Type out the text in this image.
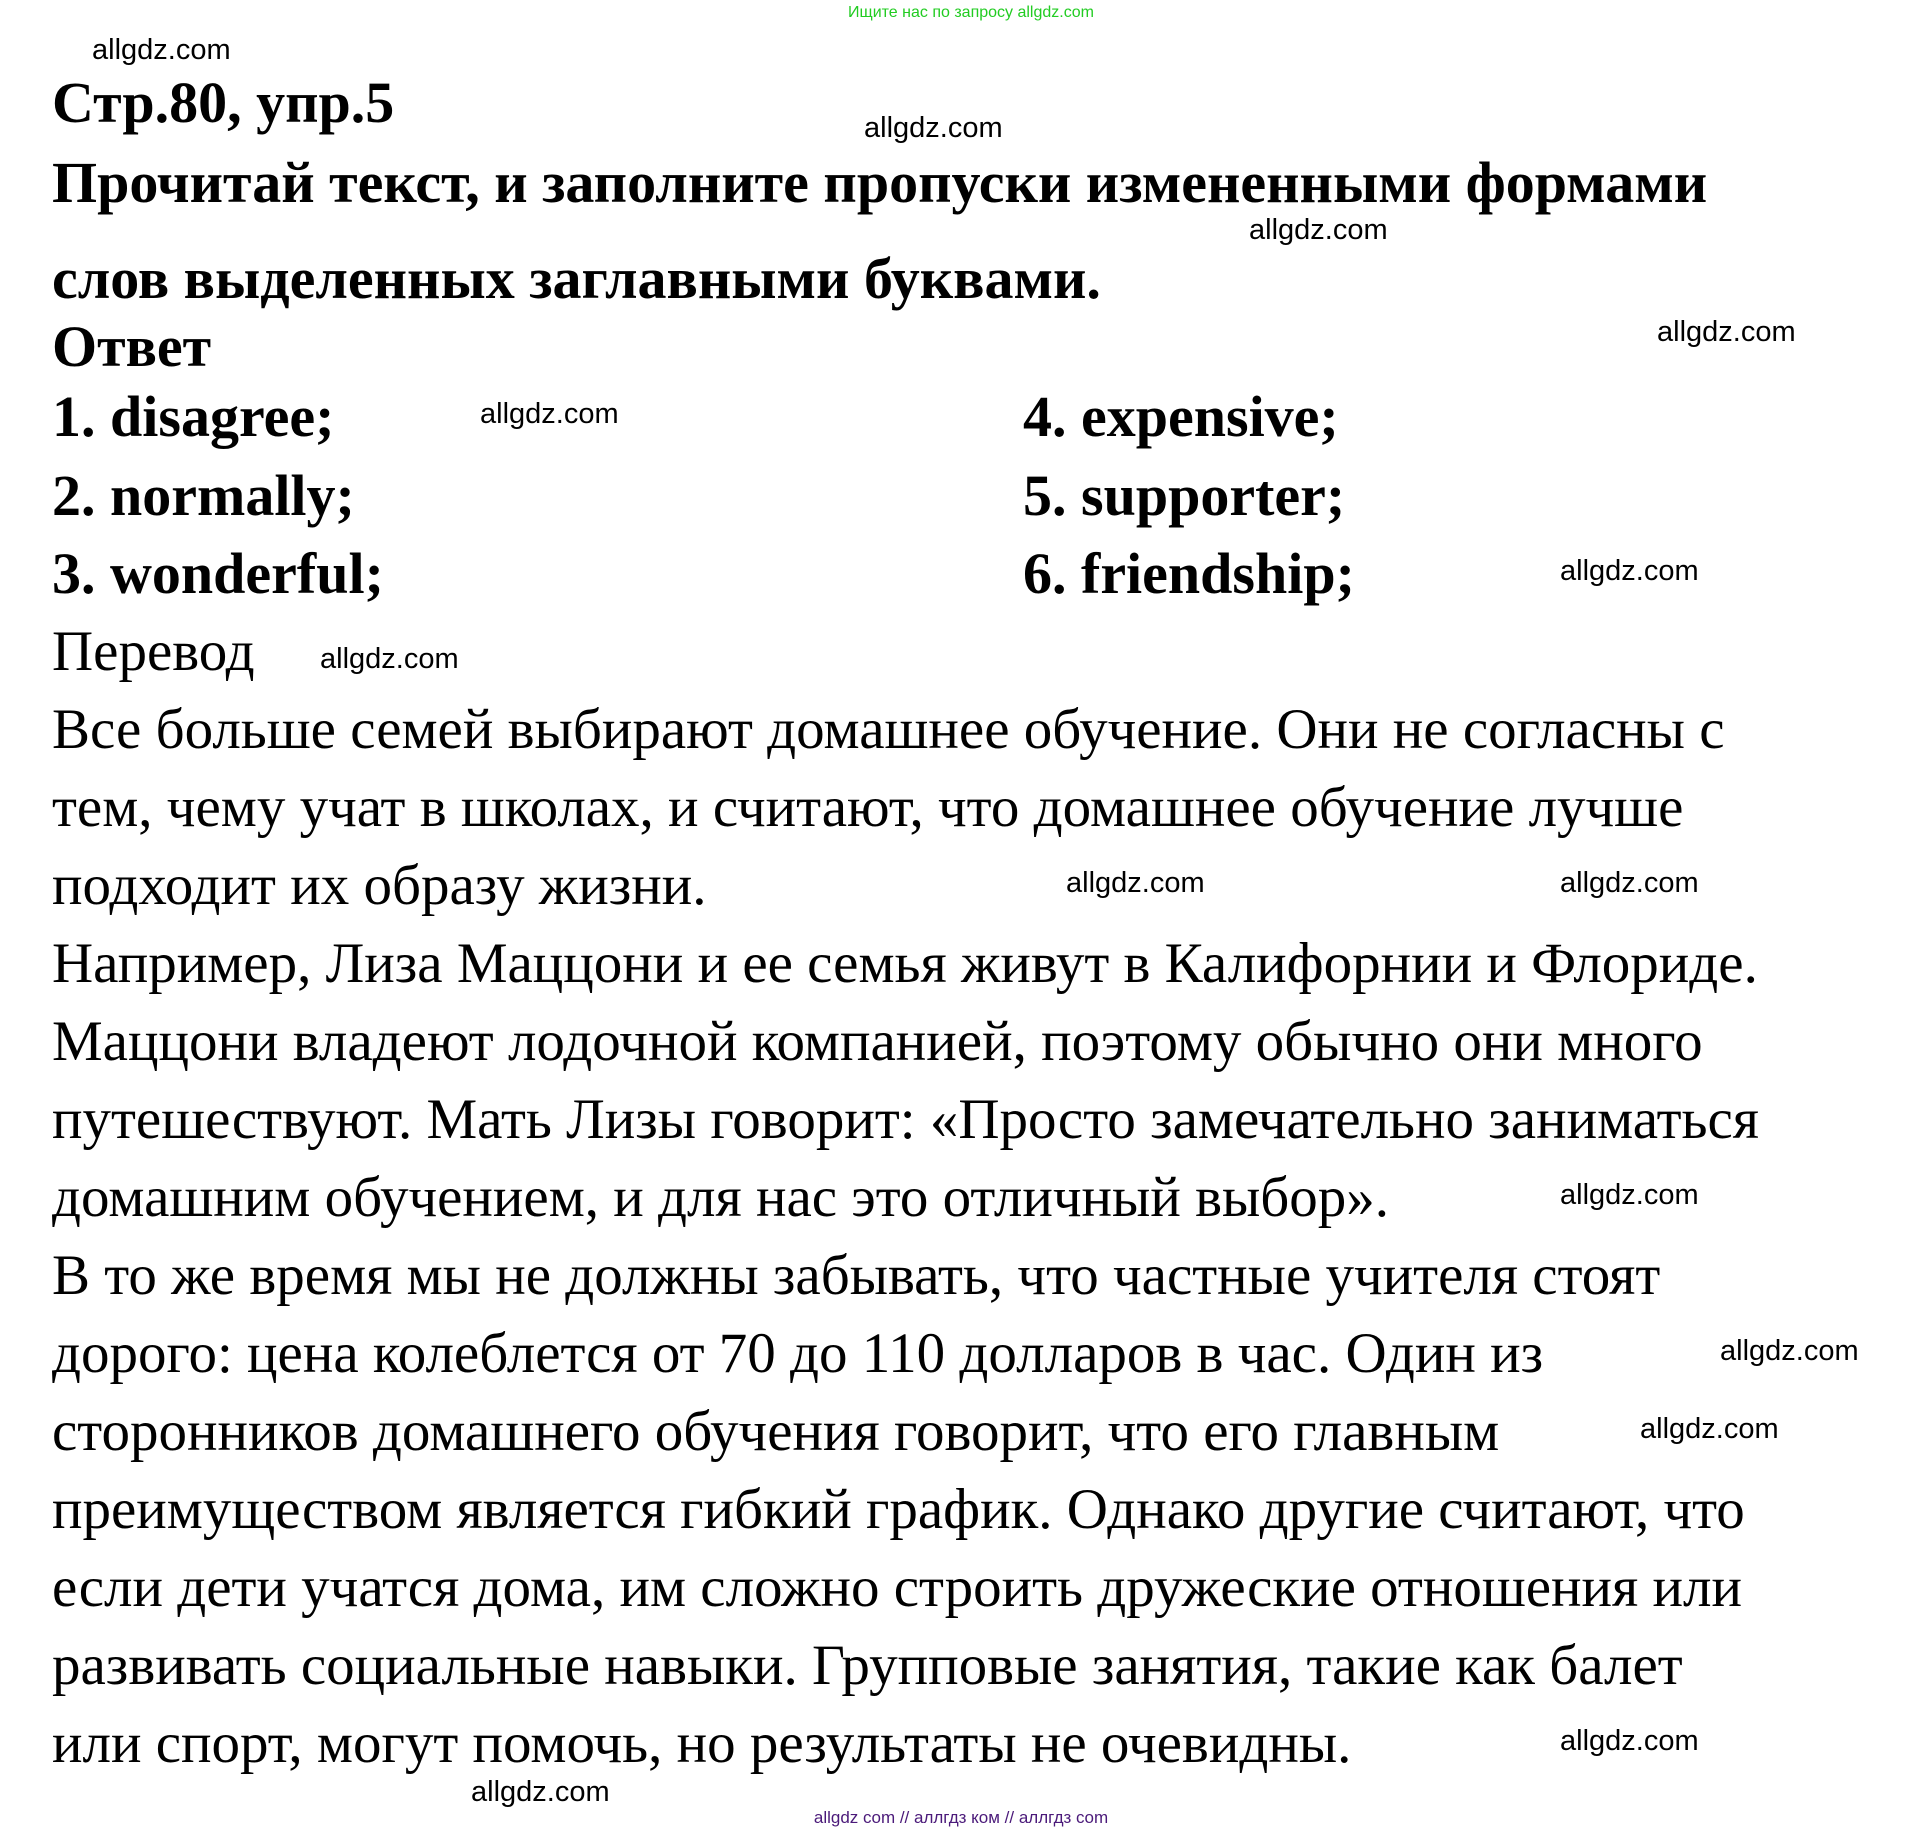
Ищите нас по запросу allgdz.com
Стр.80, упр.5
Прочитай текст, и заполните пропуски измененными формами
слов выделенных заглавными буквами.
Ответ
1. disagree;
2. normally;
3. wonderful;
4. expensive;
5. supporter;
6. friendship;
Перевод
Все больше семей выбирают домашнее обучение. Они не согласны с
тем, чему учат в школах, и считают, что домашнее обучение лучше
подходит их образу жизни.
Например, Лиза Маццони и ее семья живут в Калифорнии и Флориде.
Маццони владеют лодочной компанией, поэтому обычно они много
путешествуют. Мать Лизы говорит: «Просто замечательно заниматься
домашним обучением, и для нас это отличный выбор».
В то же время мы не должны забывать, что частные учителя стоят
дорого: цена колеблется от 70 до 110 долларов в час. Один из
сторонников домашнего обучения говорит, что его главным
преимуществом является гибкий график. Однако другие считают, что
если дети учатся дома, им сложно строить дружеские отношения или
развивать социальные навыки. Групповые занятия, такие как балет
или спорт, могут помочь, но результаты не очевидны.
allgdz.com
allgdz.com
allgdz.com
allgdz.com
allgdz.com
allgdz.com
allgdz.com
allgdz.com	allgdz.com
allgdz.com
allgdz.com
allgdz.com
allgdz.com
allgdz.com
allgdz com // аллгдз ком // аллгдз com
